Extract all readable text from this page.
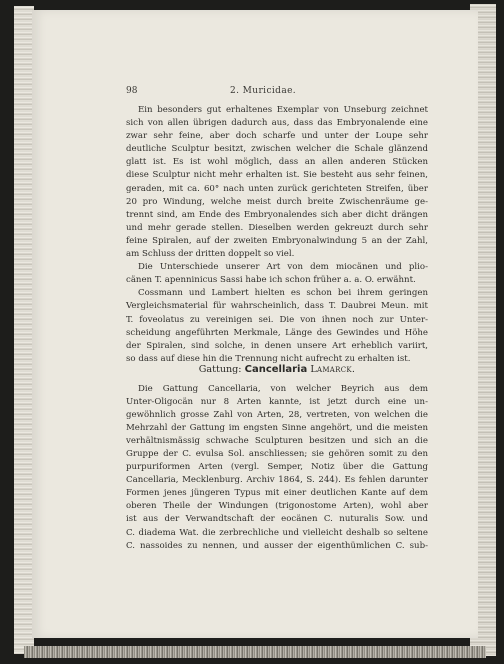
98	2. Muricidae.
Ein besonders gut erhaltenes Exemplar von Unseburg zeichnet
sich von allen übrigen dadurch aus, dass das Embryonalende eine
zwar sehr feine, aber doch scharfe und unter der Loupe sehr
deutliche Sculptur besitzt, zwischen welcher die Schale glänzend
glatt ist. Es ist wohl möglich, dass an allen anderen Stücken
diese Sculptur nicht mehr erhalten ist. Sie besteht aus sehr feinen,
geraden, mit ca. 60° nach unten zurück gerichteten Streifen, über
20 pro Windung, welche meist durch breite Zwischenräume ge-
trennt sind, am Ende des Embryonalendes sich aber dicht drängen
und mehr gerade stellen. Dieselben werden gekreuzt durch sehr
feine Spiralen, auf der zweiten Embryonalwindung 5 an der Zahl,
am Schluss der dritten doppelt so viel.
Die Unterschiede unserer Art von dem miocänen und plio-
cänen T. apenninicus Sassi habe ich schon früher a. a. O. erwähnt.
Cossmann und Lambert hielten es schon bei ihrem geringen
Vergleichsmaterial für wahrscheinlich, dass T. Daubrei Meun. mit
T. foveolatus zu vereinigen sei. Die von ihnen noch zur Unter-
scheidung angeführten Merkmale, Länge des Gewindes und Höhe
der Spiralen, sind solche, in denen unsere Art erheblich variirt,
so dass auf diese hin die Trennung nicht aufrecht zu erhalten ist.
Gattung: Cancellaria Lamarck.
Die Gattung Cancellaria, von welcher Beyrich aus dem
Unter-Oligocän nur 8 Arten kannte, ist jetzt durch eine un-
gewöhnlich grosse Zahl von Arten, 28, vertreten, von welchen die
Mehrzahl der Gattung im engsten Sinne angehört, und die meisten
verhältnismässig schwache Sculpturen besitzen und sich an die
Gruppe der C. evulsa Sol. anschliessen; sie gehören somit zu den
purpuriformen Arten (vergl. Semper, Notiz über die Gattung
Cancellaria, Mecklenburg. Archiv 1864, S. 244). Es fehlen darunter
Formen jenes jüngeren Typus mit einer deutlichen Kante auf dem
oberen Theile der Windungen (trigonostome Arten), wohl aber
ist aus der Verwandtschaft der eocänen C. nuturalis Sow. und
C. diadema Wat. die zerbrechliche und vielleicht deshalb so seltene
C. nassoides zu nennen, und ausser der eigenthümlichen C. sub-
